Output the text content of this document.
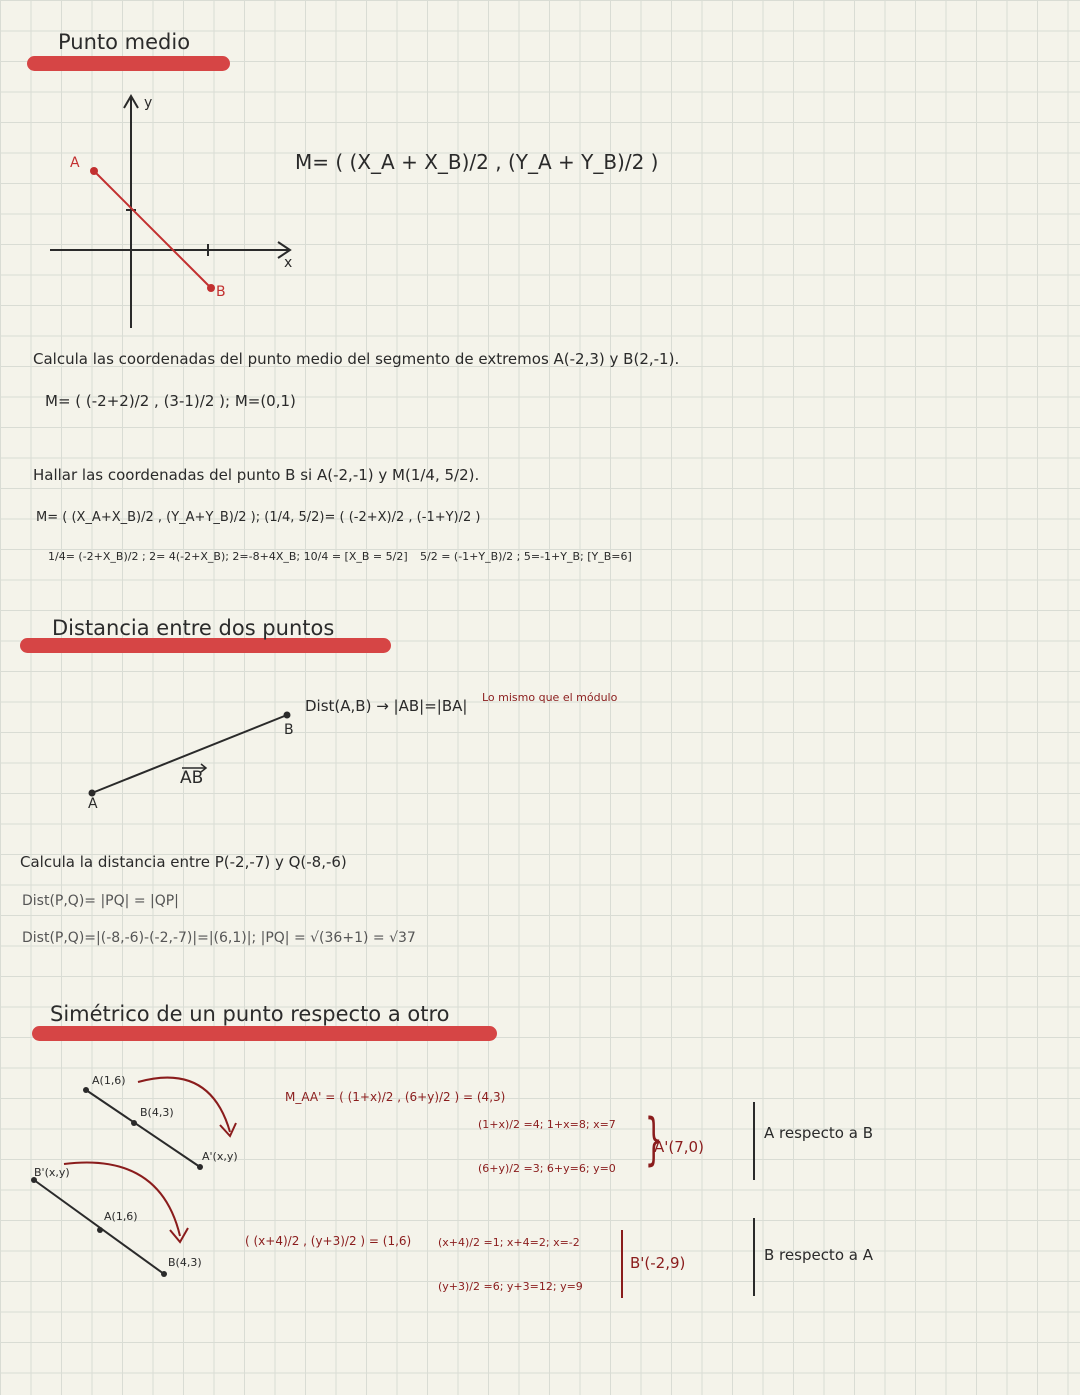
Punto medio
A
B
y
x
M= ( (X_A + X_B)/2 , (Y_A + Y_B)/2 )
Calcula las coordenadas del punto medio del segmento de extremos A(-2,3) y B(2,-1).
M= ( (-2+2)/2 , (3-1)/2 ); M=(0,1)
Hallar las coordenadas del punto B si A(-2,-1) y M(1/4, 5/2).
M= ( (X_A+X_B)/2 , (Y_A+Y_B)/2 ); (1/4, 5/2)= ( (-2+X)/2 , (-1+Y)/2 )
1/4= (-2+X_B)/2 ; 2= 4(-2+X_B); 2=-8+4X_B; 10/4 = [X_B = 5/2] 5/2 = (-1+Y_B)/2 ; 5=-1+Y_B; [Y_B=6]
Distancia entre dos puntos
A
B
AB
Dist(A,B) → |AB|=|BA| Lo mismo que el módulo
Calcula la distancia entre P(-2,-7) y Q(-8,-6)
Dist(P,Q)= |PQ| = |QP|
Dist(P,Q)=|(-8,-6)-(-2,-7)|=|(6,1)|; |PQ| = √(36+1) = √37
Simétrico de un punto respecto a otro
A(1,6)
B(4,3)
A'(x,y)
B'(x,y)
A(1,6)
B(4,3)
M_AA' = ( (1+x)/2 , (6+y)/2 ) = (4,3)
(1+x)/2 =4; 1+x=8; x=7
(6+y)/2 =3; 6+y=6; y=0 }
A'(7,0)
( (x+4)/2 , (y+3)/2 ) = (1,6) (x+4)/2 =1; x+4=2; x=-2
(y+3)/2 =6; y+3=12; y=9
B'(-2,9)
A respecto a B
B respecto a A
